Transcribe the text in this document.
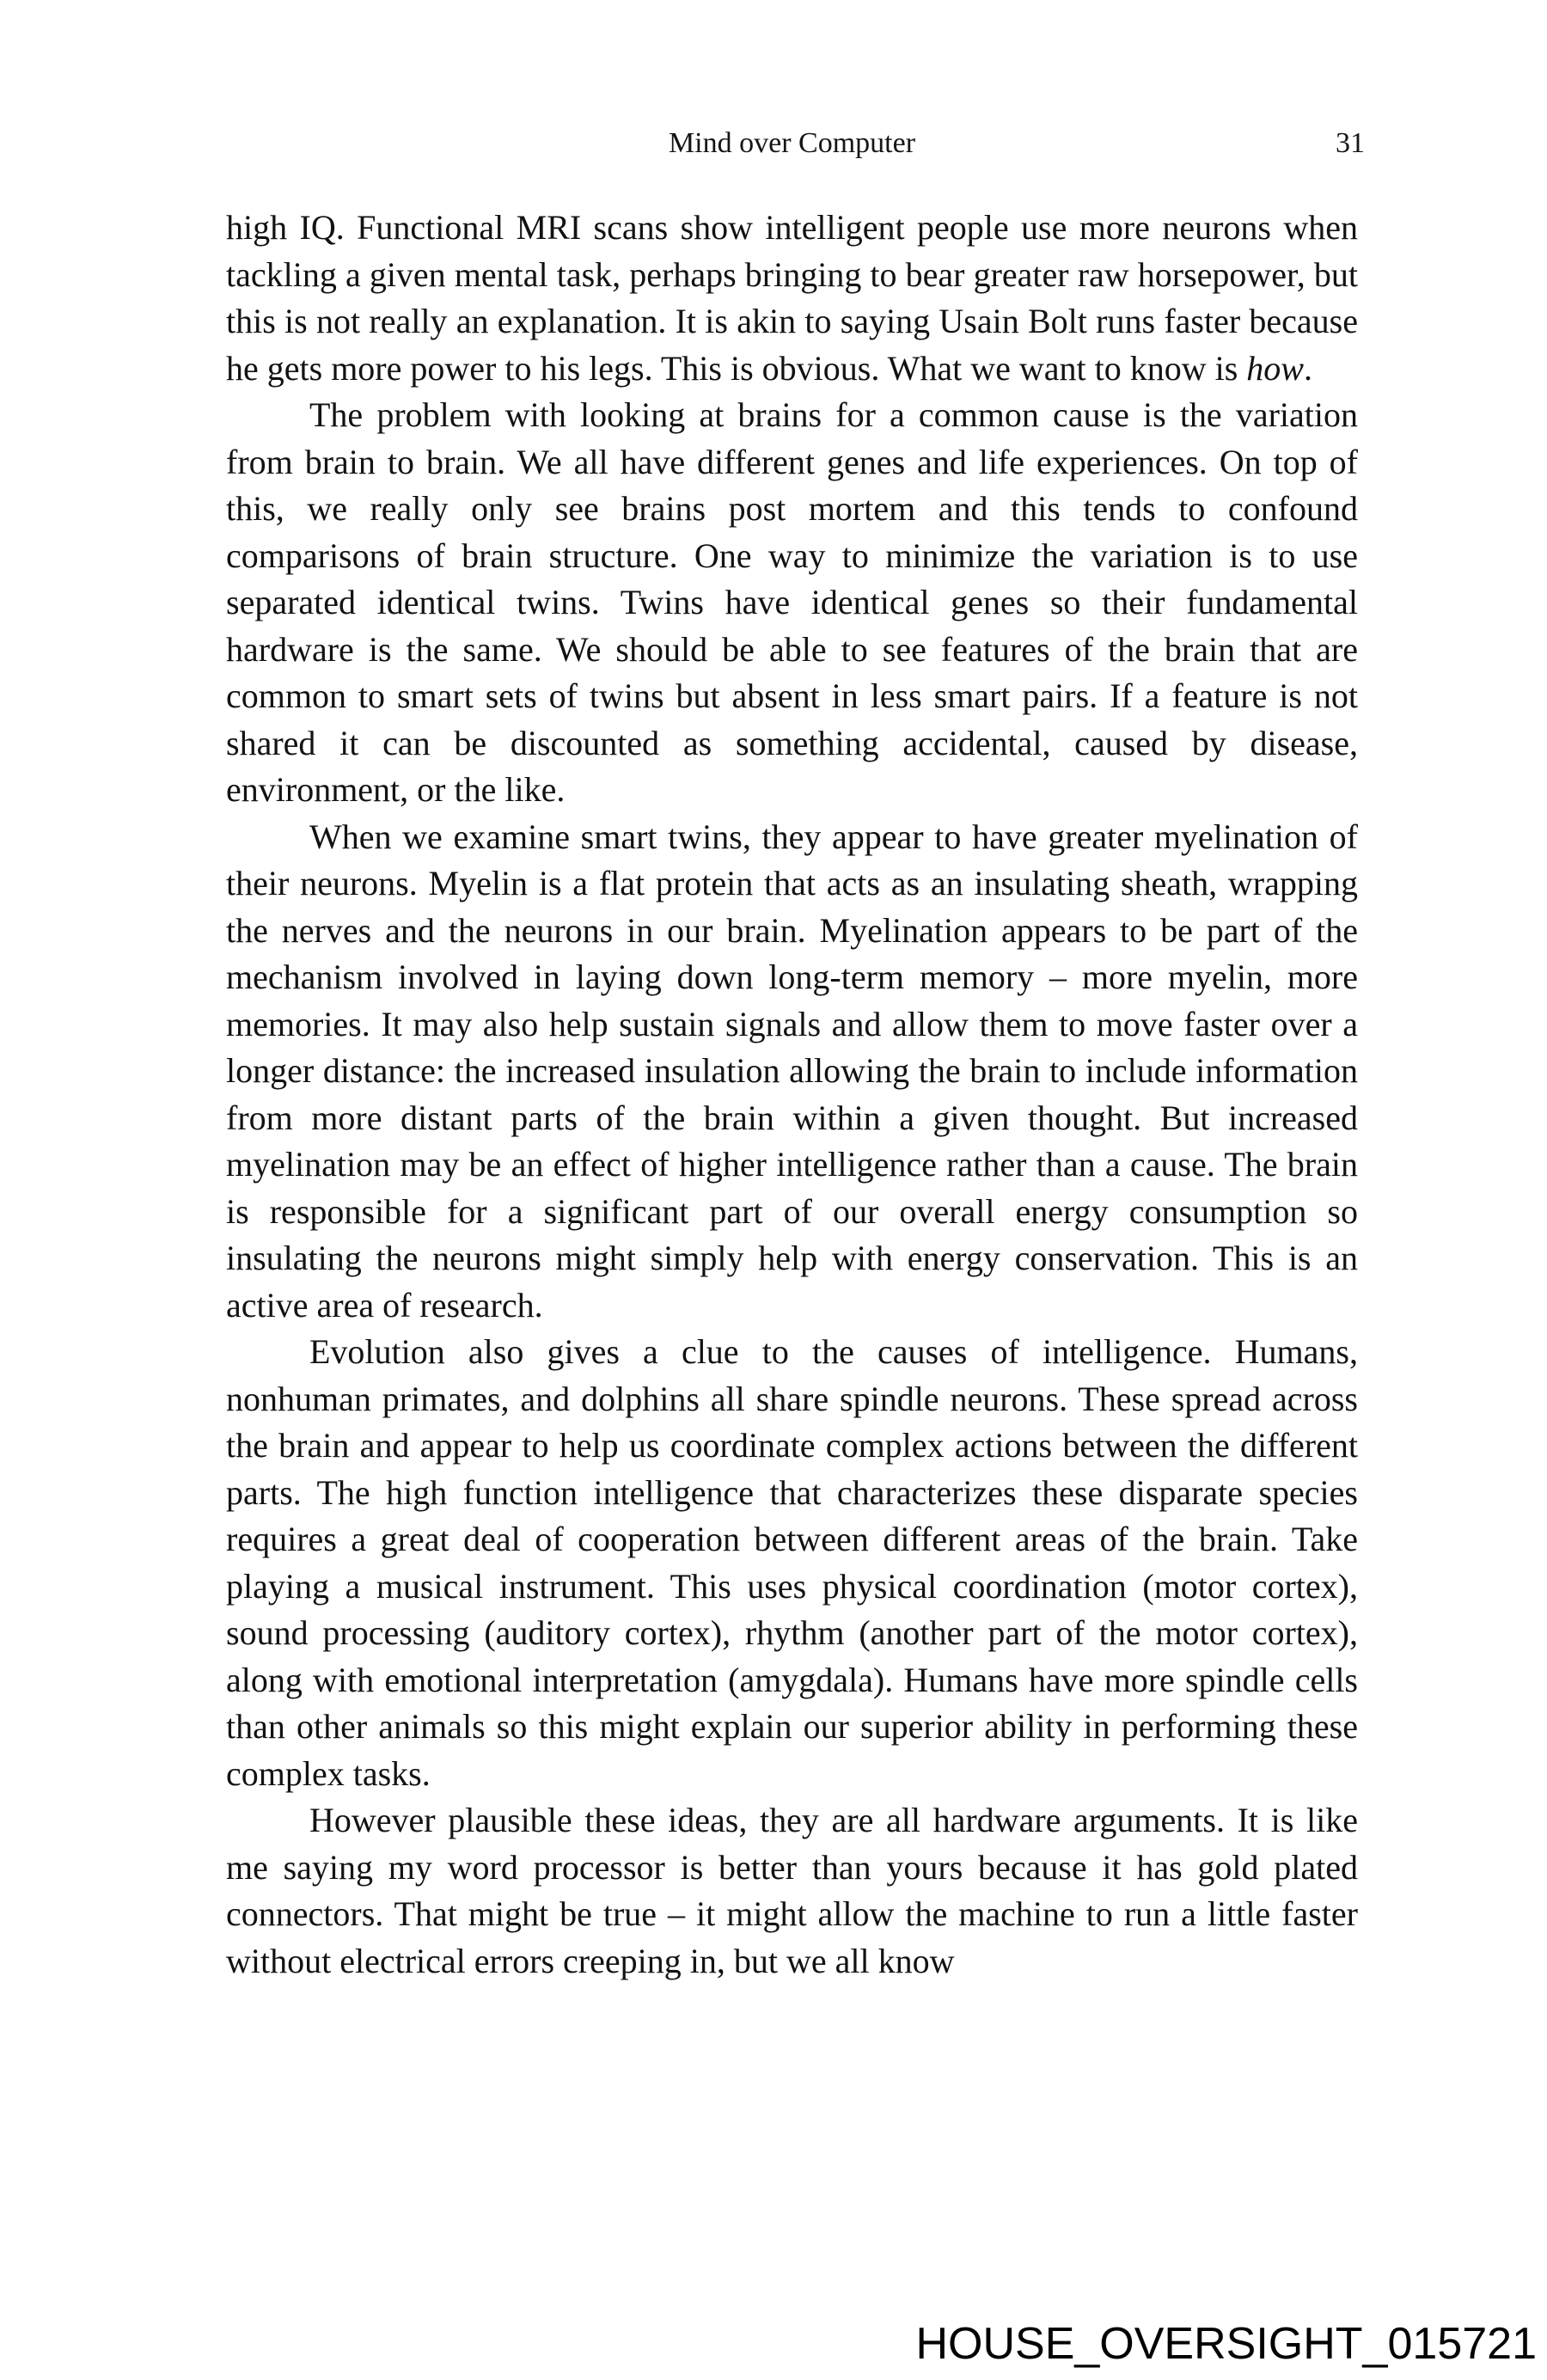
Mind over Computer	31

high IQ. Functional MRI scans show intelligent people use more neurons when tackling a given mental task, perhaps bringing to bear greater raw horsepower, but this is not really an explanation. It is akin to saying Usain Bolt runs faster because he gets more power to his legs. This is obvious. What we want to know is how.

The problem with looking at brains for a common cause is the variation from brain to brain. We all have different genes and life experiences. On top of this, we really only see brains post mortem and this tends to confound comparisons of brain structure. One way to minimize the variation is to use separated identical twins. Twins have identical genes so their fundamental hardware is the same. We should be able to see features of the brain that are common to smart sets of twins but absent in less smart pairs. If a feature is not shared it can be discounted as something accidental, caused by disease, environment, or the like.

When we examine smart twins, they appear to have greater myelination of their neurons. Myelin is a flat protein that acts as an insulating sheath, wrapping the nerves and the neurons in our brain. Myelination appears to be part of the mechanism involved in laying down long-term memory – more myelin, more memories. It may also help sustain signals and allow them to move faster over a longer distance: the increased insulation allowing the brain to include information from more distant parts of the brain within a given thought. But increased myelination may be an effect of higher intelligence rather than a cause. The brain is responsible for a significant part of our overall energy consumption so insulating the neurons might simply help with energy conservation. This is an active area of research.

Evolution also gives a clue to the causes of intelligence. Humans, nonhuman primates, and dolphins all share spindle neurons. These spread across the brain and appear to help us coordinate complex actions between the different parts. The high function intelligence that characterizes these disparate species requires a great deal of cooperation between different areas of the brain. Take playing a musical instrument. This uses physical coordination (motor cortex), sound processing (auditory cortex), rhythm (another part of the motor cortex), along with emotional interpretation (amygdala). Humans have more spindle cells than other animals so this might explain our superior ability in performing these complex tasks.

However plausible these ideas, they are all hardware arguments. It is like me saying my word processor is better than yours because it has gold plated connectors. That might be true – it might allow the machine to run a little faster without electrical errors creeping in, but we all know

HOUSE_OVERSIGHT_015721
